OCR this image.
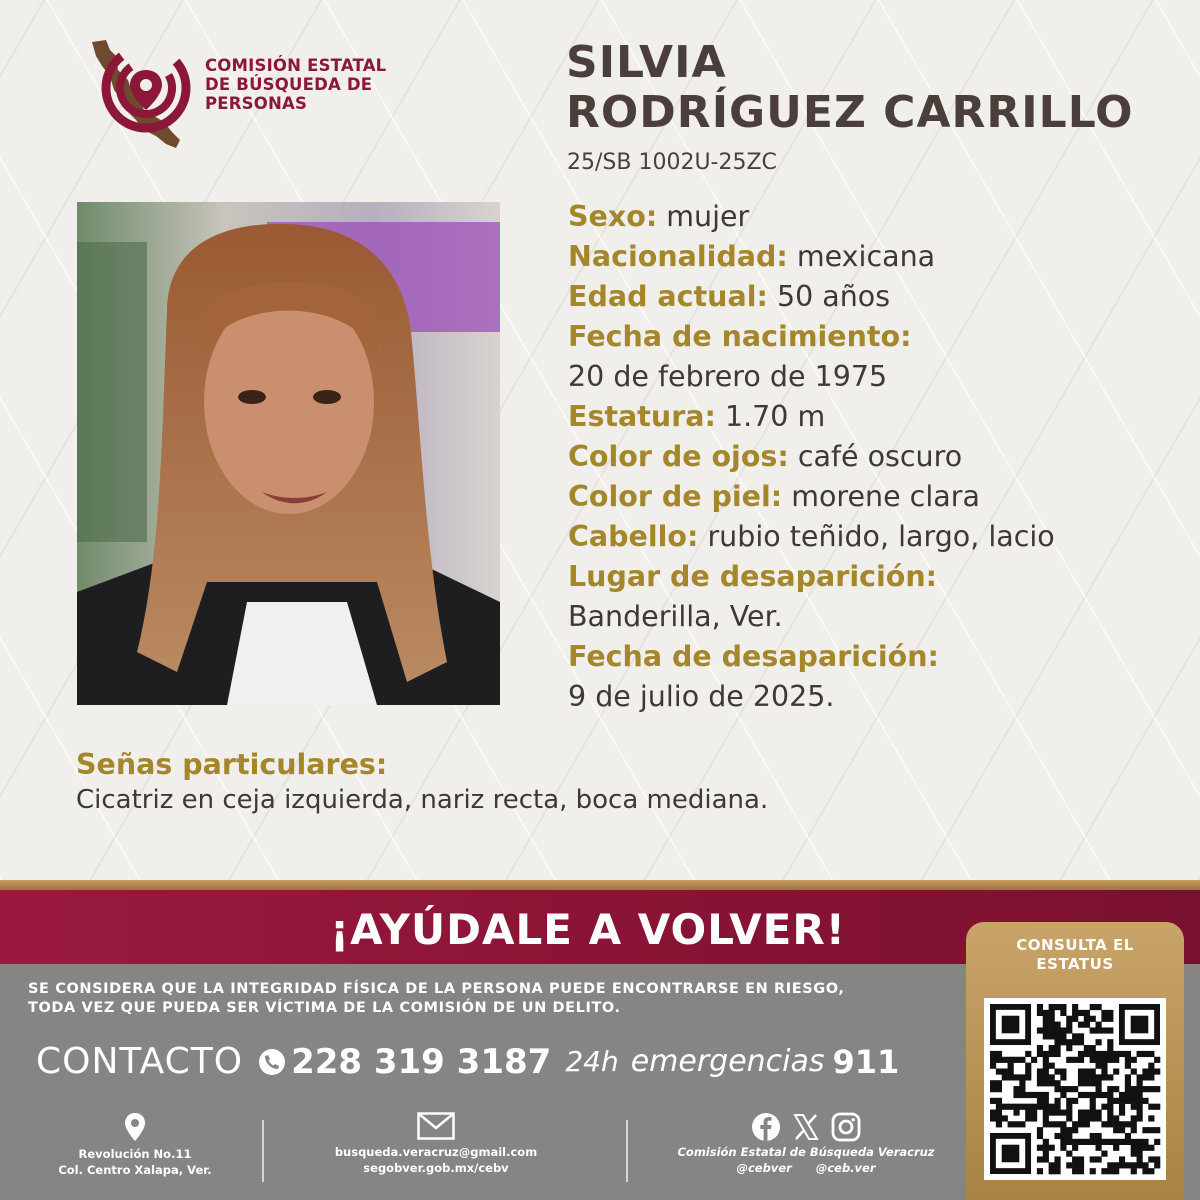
COMISIÓN ESTATAL
DE BÚSQUEDA DE
PERSONAS
SILVIA
RODRÍGUEZ CARRILLO
25/SB 1002U-25ZC
Sexo: mujer
Nacionalidad: mexicana
Edad actual: 50 años
Fecha de nacimiento:
20 de febrero de 1975
Estatura: 1.70 m
Color de ojos: café oscuro
Color de piel: morene clara
Cabello: rubio teñido, largo, lacio
Lugar de desaparición:
Banderilla, Ver.
Fecha de desaparición:
9 de julio de 2025.
Señas particulares:
Cicatriz en ceja izquierda, nariz recta, boca mediana.
¡AYÚDALE A VOLVER!
SE CONSIDERA QUE LA INTEGRIDAD FÍSICA DE LA PERSONA PUEDE ENCONTRARSE EN RIESGO,
TODA VEZ QUE PUEDA SER VÍCTIMA DE LA COMISIÓN DE UN DELITO.
CONTACTO 228 319 3187 24h emergencias 911
Revolución No.11
Col. Centro Xalapa, Ver.
busqueda.veracruz@gmail.com
segobver.gob.mx/cebv

Comisión Estatal de Búsqueda Veracruz
@cebver @ceb.ver
CONSULTA EL
ESTATUS
